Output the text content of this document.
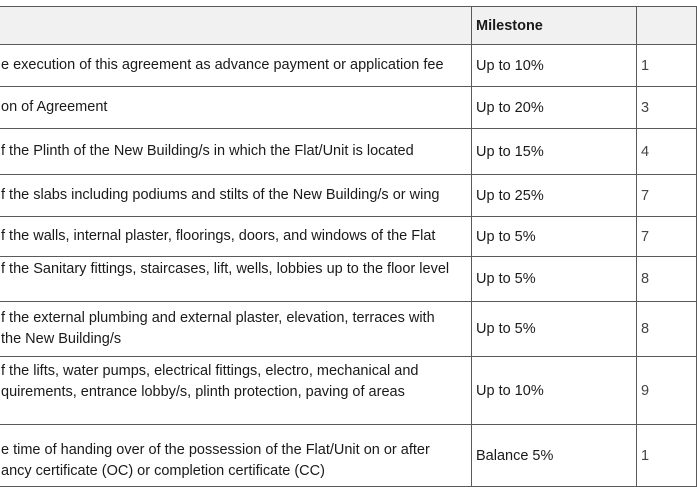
	Milestone	

e execution of this agreement as advance payment or application fee	Up to 10%	1

on of Agreement	Up to 20%	3

f the Plinth of the New Building/s in which the Flat/Unit is located	Up to 15%	4

f the slabs including podiums and stilts of the New Building/s or wing	Up to 25%	7

f the walls, internal plaster, floorings, doors, and windows of the Flat	Up to 5%	7

f the Sanitary fittings, staircases, lift, wells, lobbies up to the floor level	Up to 5%	8

f the external plumbing and external plaster, elevation, terraces with
the New Building/s	Up to 5%	8

f the lifts, water pumps, electrical fittings, electro, mechanical and
quirements, entrance lobby/s, plinth protection, paving of areas	Up to 10%	9

e time of handing over of the possession of the Flat/Unit on or after
ancy certificate (OC) or completion certificate (CC)	Balance 5%	1
